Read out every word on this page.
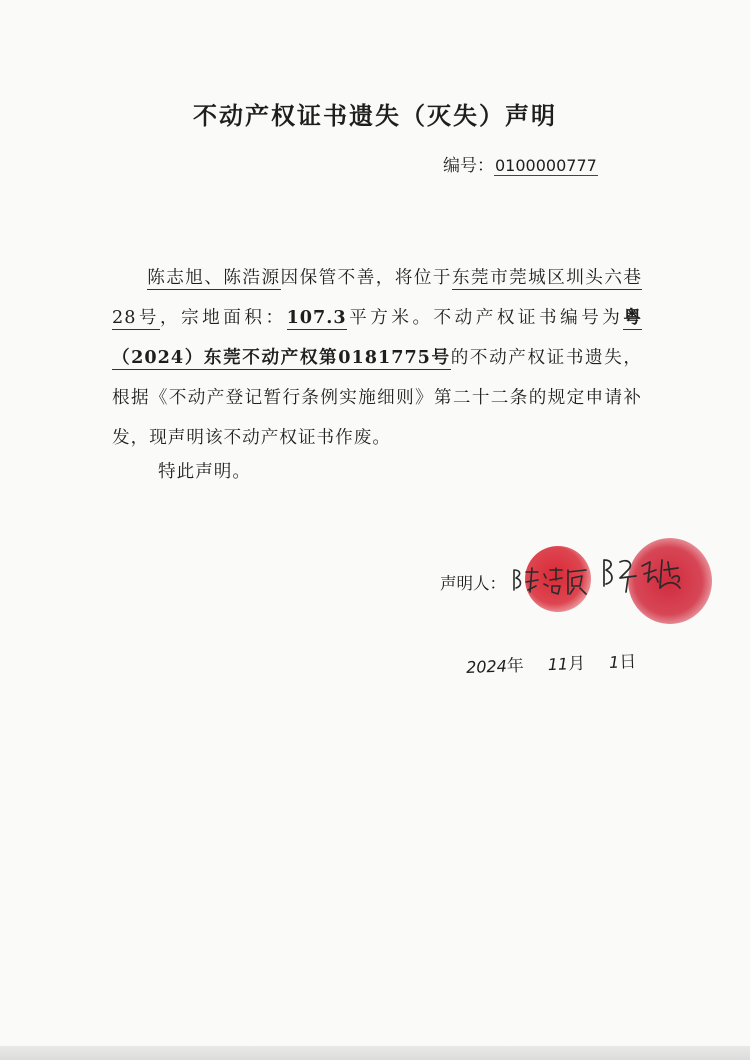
不动产权证书遗失（灭失）声明
编号：0100000777

陈志旭、陈浩源因保管不善，将位于东莞市莞城区圳头六巷28号，宗地面积：107.3平方米。不动产权证书编号为粤（2024）东莞不动产权第0181775号的不动产权证书遗失，根据《不动产登记暂行条例实施细则》第二十二条的规定申请补发，现声明该不动产权证书作废。

特此声明。
声明人：
2024年 11月 1日
